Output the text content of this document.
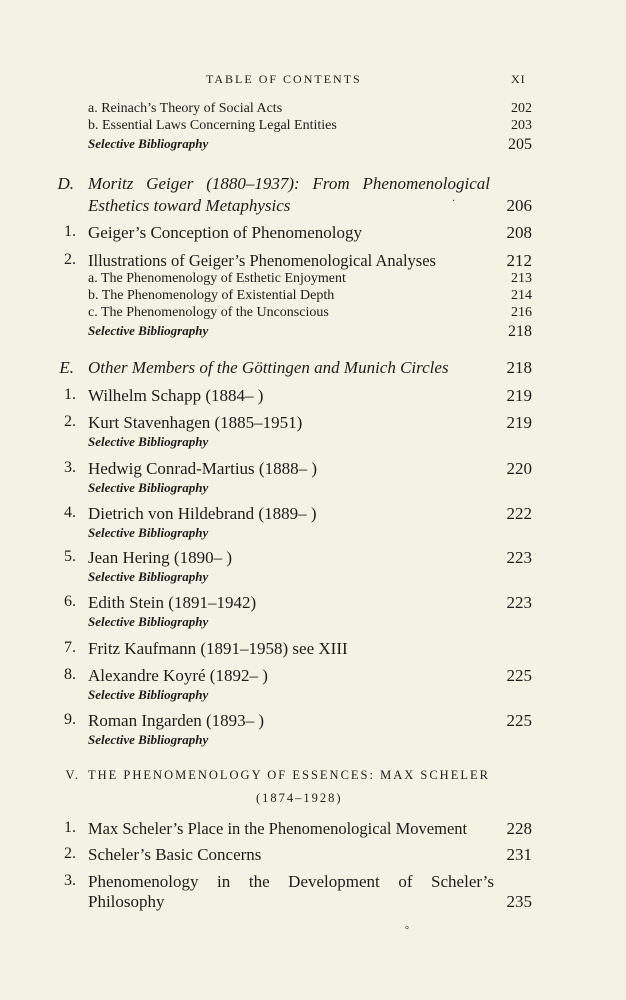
TABLE OF CONTENTS	XI
a. Reinach’s Theory of Social Acts	202
b. Essential Laws Concerning Legal Entities	203
Selective Bibliography	205
D. Moritz Geiger (1880–1937): From Phenomenological
Esthetics toward Metaphysics	206
1. Geiger’s Conception of Phenomenology	208
2. Illustrations of Geiger’s Phenomenological Analyses	212
a. The Phenomenology of Esthetic Enjoyment	213
b. The Phenomenology of Existential Depth	214
c. The Phenomenology of the Unconscious	216
Selective Bibliography	218
E. Other Members of the Göttingen and Munich Circles	218
1. Wilhelm Schapp (1884– )	219
2. Kurt Stavenhagen (1885–1951)	219
Selective Bibliography
3. Hedwig Conrad-Martius (1888– )	220
Selective Bibliography
4. Dietrich von Hildebrand (1889– )	222
Selective Bibliography
5. Jean Hering (1890– )	223
Selective Bibliography
6. Edith Stein (1891–1942)	223
Selective Bibliography
7. Fritz Kaufmann (1891–1958) see XIII
8. Alexandre Koyré (1892– )	225
Selective Bibliography
9. Roman Ingarden (1893– )	225
Selective Bibliography
V. THE PHENOMENOLOGY OF ESSENCES: MAX SCHELER
(1874–1928)
1. Max Scheler’s Place in the Phenomenological Movement 228
2. Scheler’s Basic Concerns	231
3. Phenomenology in the Development of Scheler’s
Philosophy	235
·
°
